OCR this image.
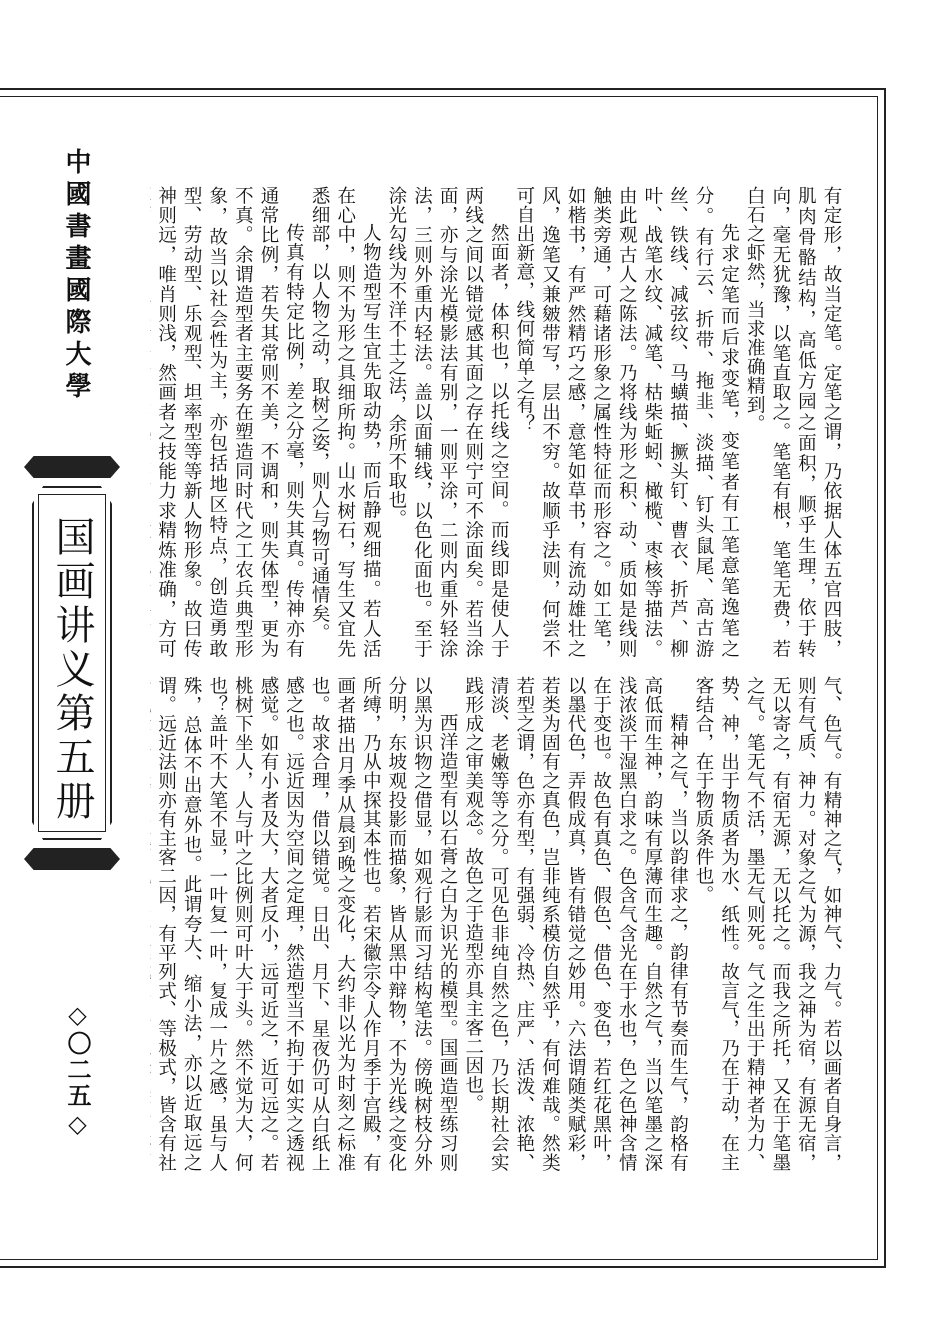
中國書畫國際大學
国画讲义第五册
◇〇二五◇

有定形，故当定笔。定笔之谓，乃依据人体五官四肢，肌肉骨骼结构，高低方园之面积，顺乎生理，依于转向，毫无犹豫，以笔直取之。笔笔有根，笔笔无费，若白石之虾然，当求准确精到。

先求定笔而后求变笔，变笔者有工笔意笔逸笔之分。有行云、折带、拖韭、淡描、钉头鼠尾、高古游丝、铁线、减弦纹、马蟥描、撅头钉、曹衣、折芦、柳叶、战笔水纹、减笔、枯柴蚯蚓、橄榄、枣核等描法。由此观古人之陈法。乃将线为形之积、动、质如是线则触类旁通，可藉诸形象之属性特征而形容之。如工笔，如楷书，有严然精巧之感，意笔如草书，有流动雄壮之风，逸笔又兼皴带写，层出不穷。故顺乎法则，何尝不可自出新意，线何简单之有？

然面者，体积也，以托线之空间。而线即是使人于两线之间以错觉感其面之存在则宁可不涂面矣。若当涂面，亦与涂光模影法有别，一则平涂，二则内重外轻涂法，三则外重内轻法。盖以面辅线，以色化面也。至于涂光勾线为不洋不土之法，余所不取也。

人物造型写生宜先取动势，而后静观细描。若人活在心中，则不为形之具细所拘。山水树石，写生又宜先悉细部，以人物之动，取树之姿，则人与物可通情矣。

传真有特定比例，差之分毫，则失其真。传神亦有通常比例，若失其常则不美，不调和，则失体型，更为不真。余谓造型者主要务在塑造同时代之工农兵典型形象，故当以社会性为主，亦包括地区特点，创造勇敢型、劳动型、乐观型、坦率型等等新人物形象。故曰传神则远，唯肖则浅，然画者之技能力求精炼准确，方可

气、色气。有精神之气，如神气、力气。若以画者自身言，则有气质、神力。对象之气为源，我之神为宿，有源无宿，无以寄之，有宿无源，无以托之。而我之所托，又在于笔墨之气。笔无气不活，墨无气则死。气之生出于精神者为力、势、神，出于物质者为水、纸性。故言气，乃在于动，在主客结合，在于物质条件也。

精神之气，当以韵律求之，韵律有节奏而生气，韵格有高低而生神，韵味有厚薄而生趣。自然之气，当以笔墨之深浅浓淡干湿黑白求之。色含气含光在于水也，色之色神含情在于变也。故色有真色、假色、借色、变色，若红花黑叶，以墨代色，弄假成真，皆有错觉之妙用。六法谓随类赋彩，若类为固有之真色，岂非纯系模仿自然乎，有何难哉。然类若型之谓，色亦有型，有强弱、冷热、庄严、活泼、浓艳、清淡、老嫩等等之分。可见色非纯自然之色，乃长期社会实践形成之审美观念。故色之于造型亦具主客二因也。

西洋造型有以石膏之白为识光的模型。国画造型练习则以黑为识物之借显，如观行影而习结构笔法。傍晚树枝分外分明，东坡观投影而描象，皆从黑中辩物，不为光线之变化所缚，乃从中探其本性也。若宋徽宗令人作月季于宫殿，有画者描出月季从晨到晚之变化，大约非以光为时刻之标准也。故求合理，借以错觉。日出、月下、星夜仍可从白纸上感之也。远近因为空间之定理，然造型当不拘于如实之透视感觉。如有小者及大，大者反小，远可近之，近可远之。若桃树下坐人，人与叶之比例则可叶大于头。然不觉为大，何也？盖叶不大笔不显，一叶复一叶，复成一片之感，虽与人殊，总体不出意外也。此谓夸大、缩小法，亦以近取远之谓。远近法则亦有主客二因，有平列式、等极式，皆含有社
